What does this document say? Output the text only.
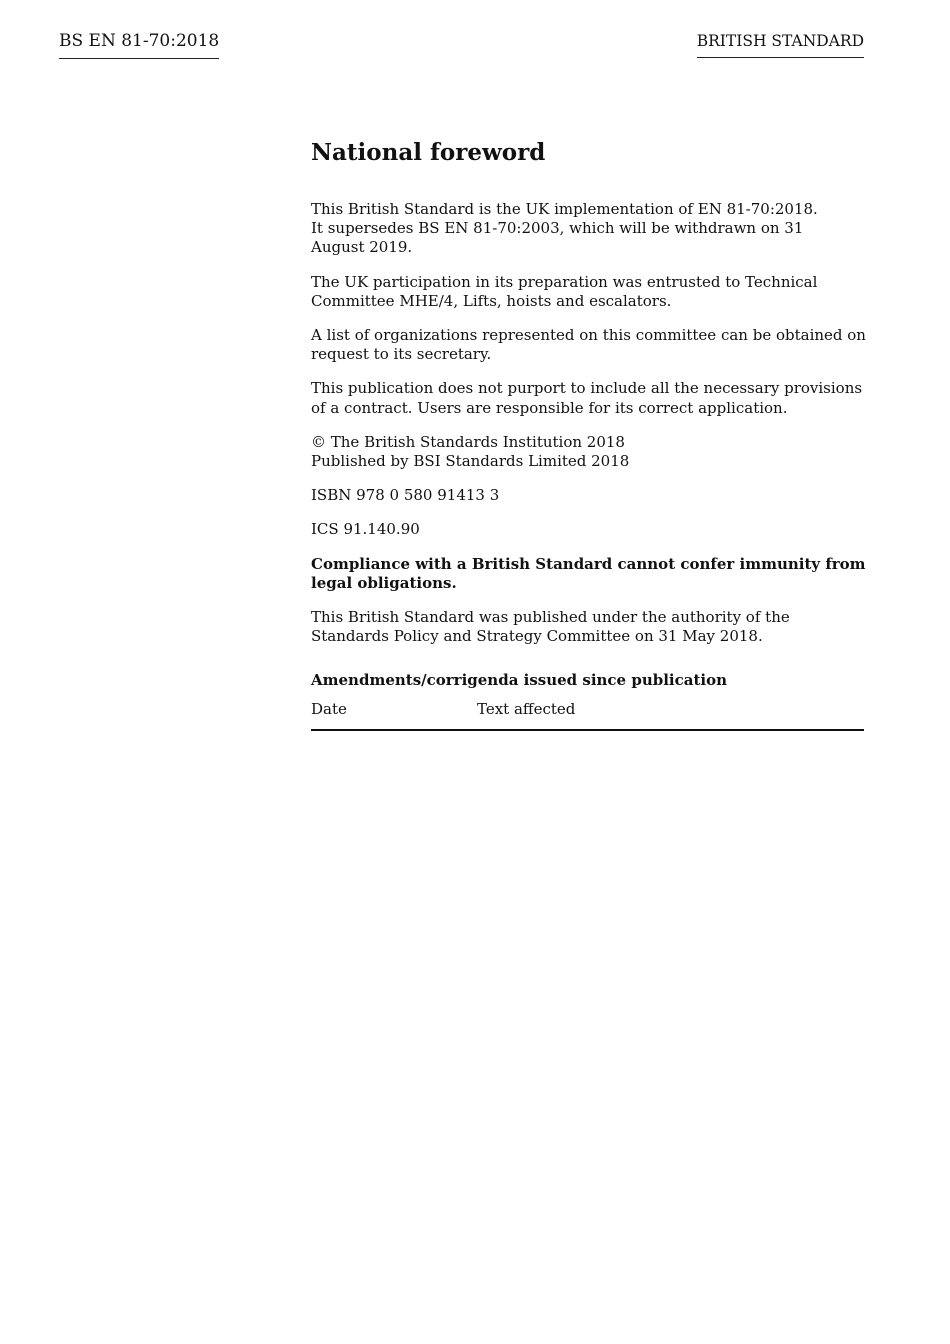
BS EN 81-70:2018	BRITISH STANDARD
National foreword

This British Standard is the UK implementation of EN 81-70:2018.
It supersedes BS EN 81-70:2003, which will be withdrawn on 31
August 2019.

The UK participation in its preparation was entrusted to Technical
Committee MHE/4, Lifts, hoists and escalators.

A list of organizations represented on this committee can be obtained on
request to its secretary.

This publication does not purport to include all the necessary provisions
of a contract. Users are responsible for its correct application.

© The British Standards Institution 2018
Published by BSI Standards Limited 2018

ISBN 978 0 580 91413 3

ICS 91.140.90

Compliance with a British Standard cannot confer immunity from
legal obligations.

This British Standard was published under the authority of the
Standards Policy and Strategy Committee on 31 May 2018.

Amendments/corrigenda issued since publication
Date	Text affected
